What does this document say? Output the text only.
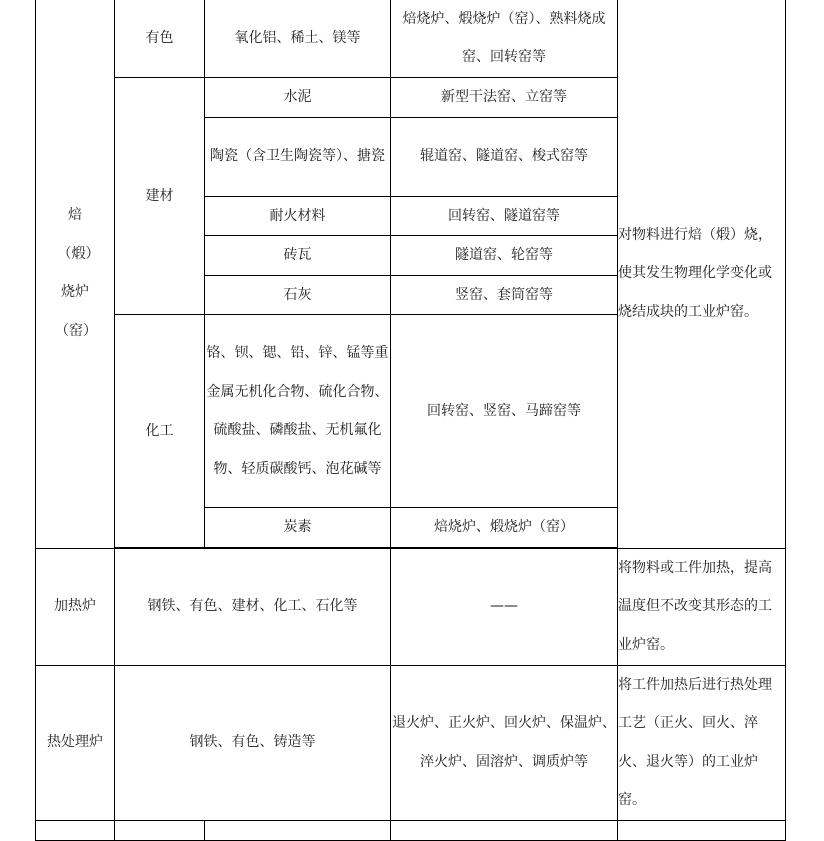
焙（煅）烧炉（窑）	有色	氧化铝、稀土、镁等	焙烧炉、煅烧炉（窑）、熟料烧成窑、回转窑等	对物料进行焙（煅）烧，使其发生物理化学变化或烧结成块的工业炉窑。

	建材	水泥	新型干法窑、立窑等	

		陶瓷（含卫生陶瓷等）、搪瓷	辊道窑、隧道窑、梭式窑等	

		耐火材料	回转窑、隧道窑等	

		砖瓦	隧道窑、轮窑等	

		石灰	竖窑、套筒窑等	

	化工	铬、钡、锶、铅、锌、锰等重金属无机化合物、硫化合物、硫酸盐、磷酸盐、无机氟化物、轻质碳酸钙、泡花碱等	回转窑、竖窑、马蹄窑等	

		炭素	焙烧炉、煅烧炉（窑）	

加热炉	钢铁、有色、建材、化工、石化等		——	将物料或工件加热，提高温度但不改变其形态的工业炉窑。

热处理炉	钢铁、有色、铸造等		退火炉、正火炉、回火炉、保温炉、淬火炉、固溶炉、调质炉等	将工件加热后进行热处理工艺（正火、回火、淬火、退火等）的工业炉窑。
